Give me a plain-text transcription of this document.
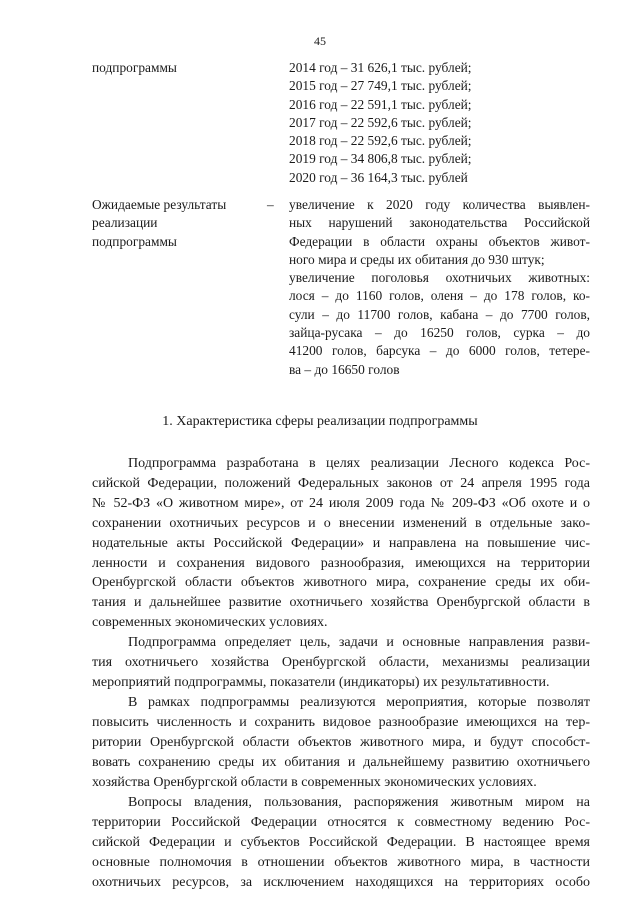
45
подпрограммы	2014 год – 31 626,1 тыс. рублей;
2015 год – 27 749,1 тыс. рублей;
2016 год – 22 591,1 тыс. рублей;
2017 год – 22 592,6 тыс. рублей;
2018 год – 22 592,6 тыс. рублей;
2019 год – 34 806,8 тыс. рублей;
2020 год – 36 164,3 тыс. рублей
Ожидаемые результаты
реализации
подпрограммы
– увеличение к 2020 году количества выявлен-
ных нарушений законодательства Российской
Федерации в области охраны объектов живот-
ного мира и среды их обитания до 930 штук;
увеличение поголовья охотничьих животных:
лося – до 1160 голов, оленя – до 178 голов, ко-
сули – до 11700 голов, кабана – до 7700 голов,
зайца-русака – до 16250 голов, сурка – до
41200 голов, барсука – до 6000 голов, тетере-
ва – до 16650 голов
1. Характеристика сферы реализации подпрограммы
Подпрограмма разработана в целях реализации Лесного кодекса Рос-
сийской Федерации, положений Федеральных законов от 24 апреля 1995 года
№ 52-ФЗ «О животном мире», от 24 июля 2009 года № 209-ФЗ «Об охоте и о
сохранении охотничьих ресурсов и о внесении изменений в отдельные зако-
нодательные акты Российской Федерации» и направлена на повышение чис-
ленности и сохранения видового разнообразия, имеющихся на территории
Оренбургской области объектов животного мира, сохранение среды их оби-
тания и дальнейшее развитие охотничьего хозяйства Оренбургской области в
современных экономических условиях.
Подпрограмма определяет цель, задачи и основные направления разви-
тия охотничьего хозяйства Оренбургской области, механизмы реализации
мероприятий подпрограммы, показатели (индикаторы) их результативности.
В рамках подпрограммы реализуются мероприятия, которые позволят
повысить численность и сохранить видовое разнообразие имеющихся на тер-
ритории Оренбургской области объектов животного мира, и будут способст-
вовать сохранению среды их обитания и дальнейшему развитию охотничьего
хозяйства Оренбургской области в современных экономических условиях.
Вопросы владения, пользования, распоряжения животным миром на
территории Российской Федерации относятся к совместному ведению Рос-
сийской Федерации и субъектов Российской Федерации. В настоящее время
основные полномочия в отношении объектов животного мира, в частности
охотничьих ресурсов, за исключением находящихся на территориях особо
